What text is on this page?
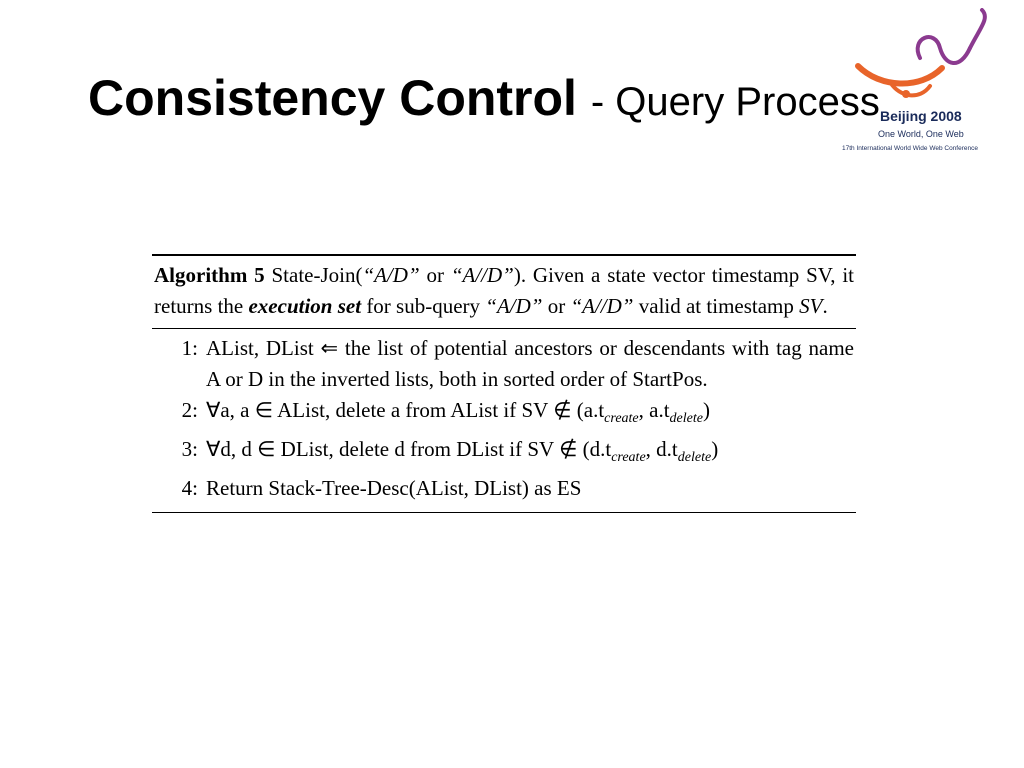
Consistency Control - Query Process Beijing 2008
One World, One Web
17th International World Wide Web Conference
Algorithm 5 State-Join(“A/D” or “A//D”). Given a state vector timestamp SV, it returns the execution set for sub-query “A/D” or “A//D” valid at timestamp SV.
1: AList, DList ⇐ the list of potential ancestors or descendants with tag name A or D in the inverted lists, both in sorted order of StartPos.
2: ∀a, a ∈ AList, delete a from AList if SV ∉ ($a.t_{create}$, $a.t_{delete}$)
3: ∀d, d ∈ DList, delete d from DList if SV ∉ ($d.t_{create}$, $d.t_{delete}$)
4: Return Stack-Tree-Desc(AList, DList) as ES
